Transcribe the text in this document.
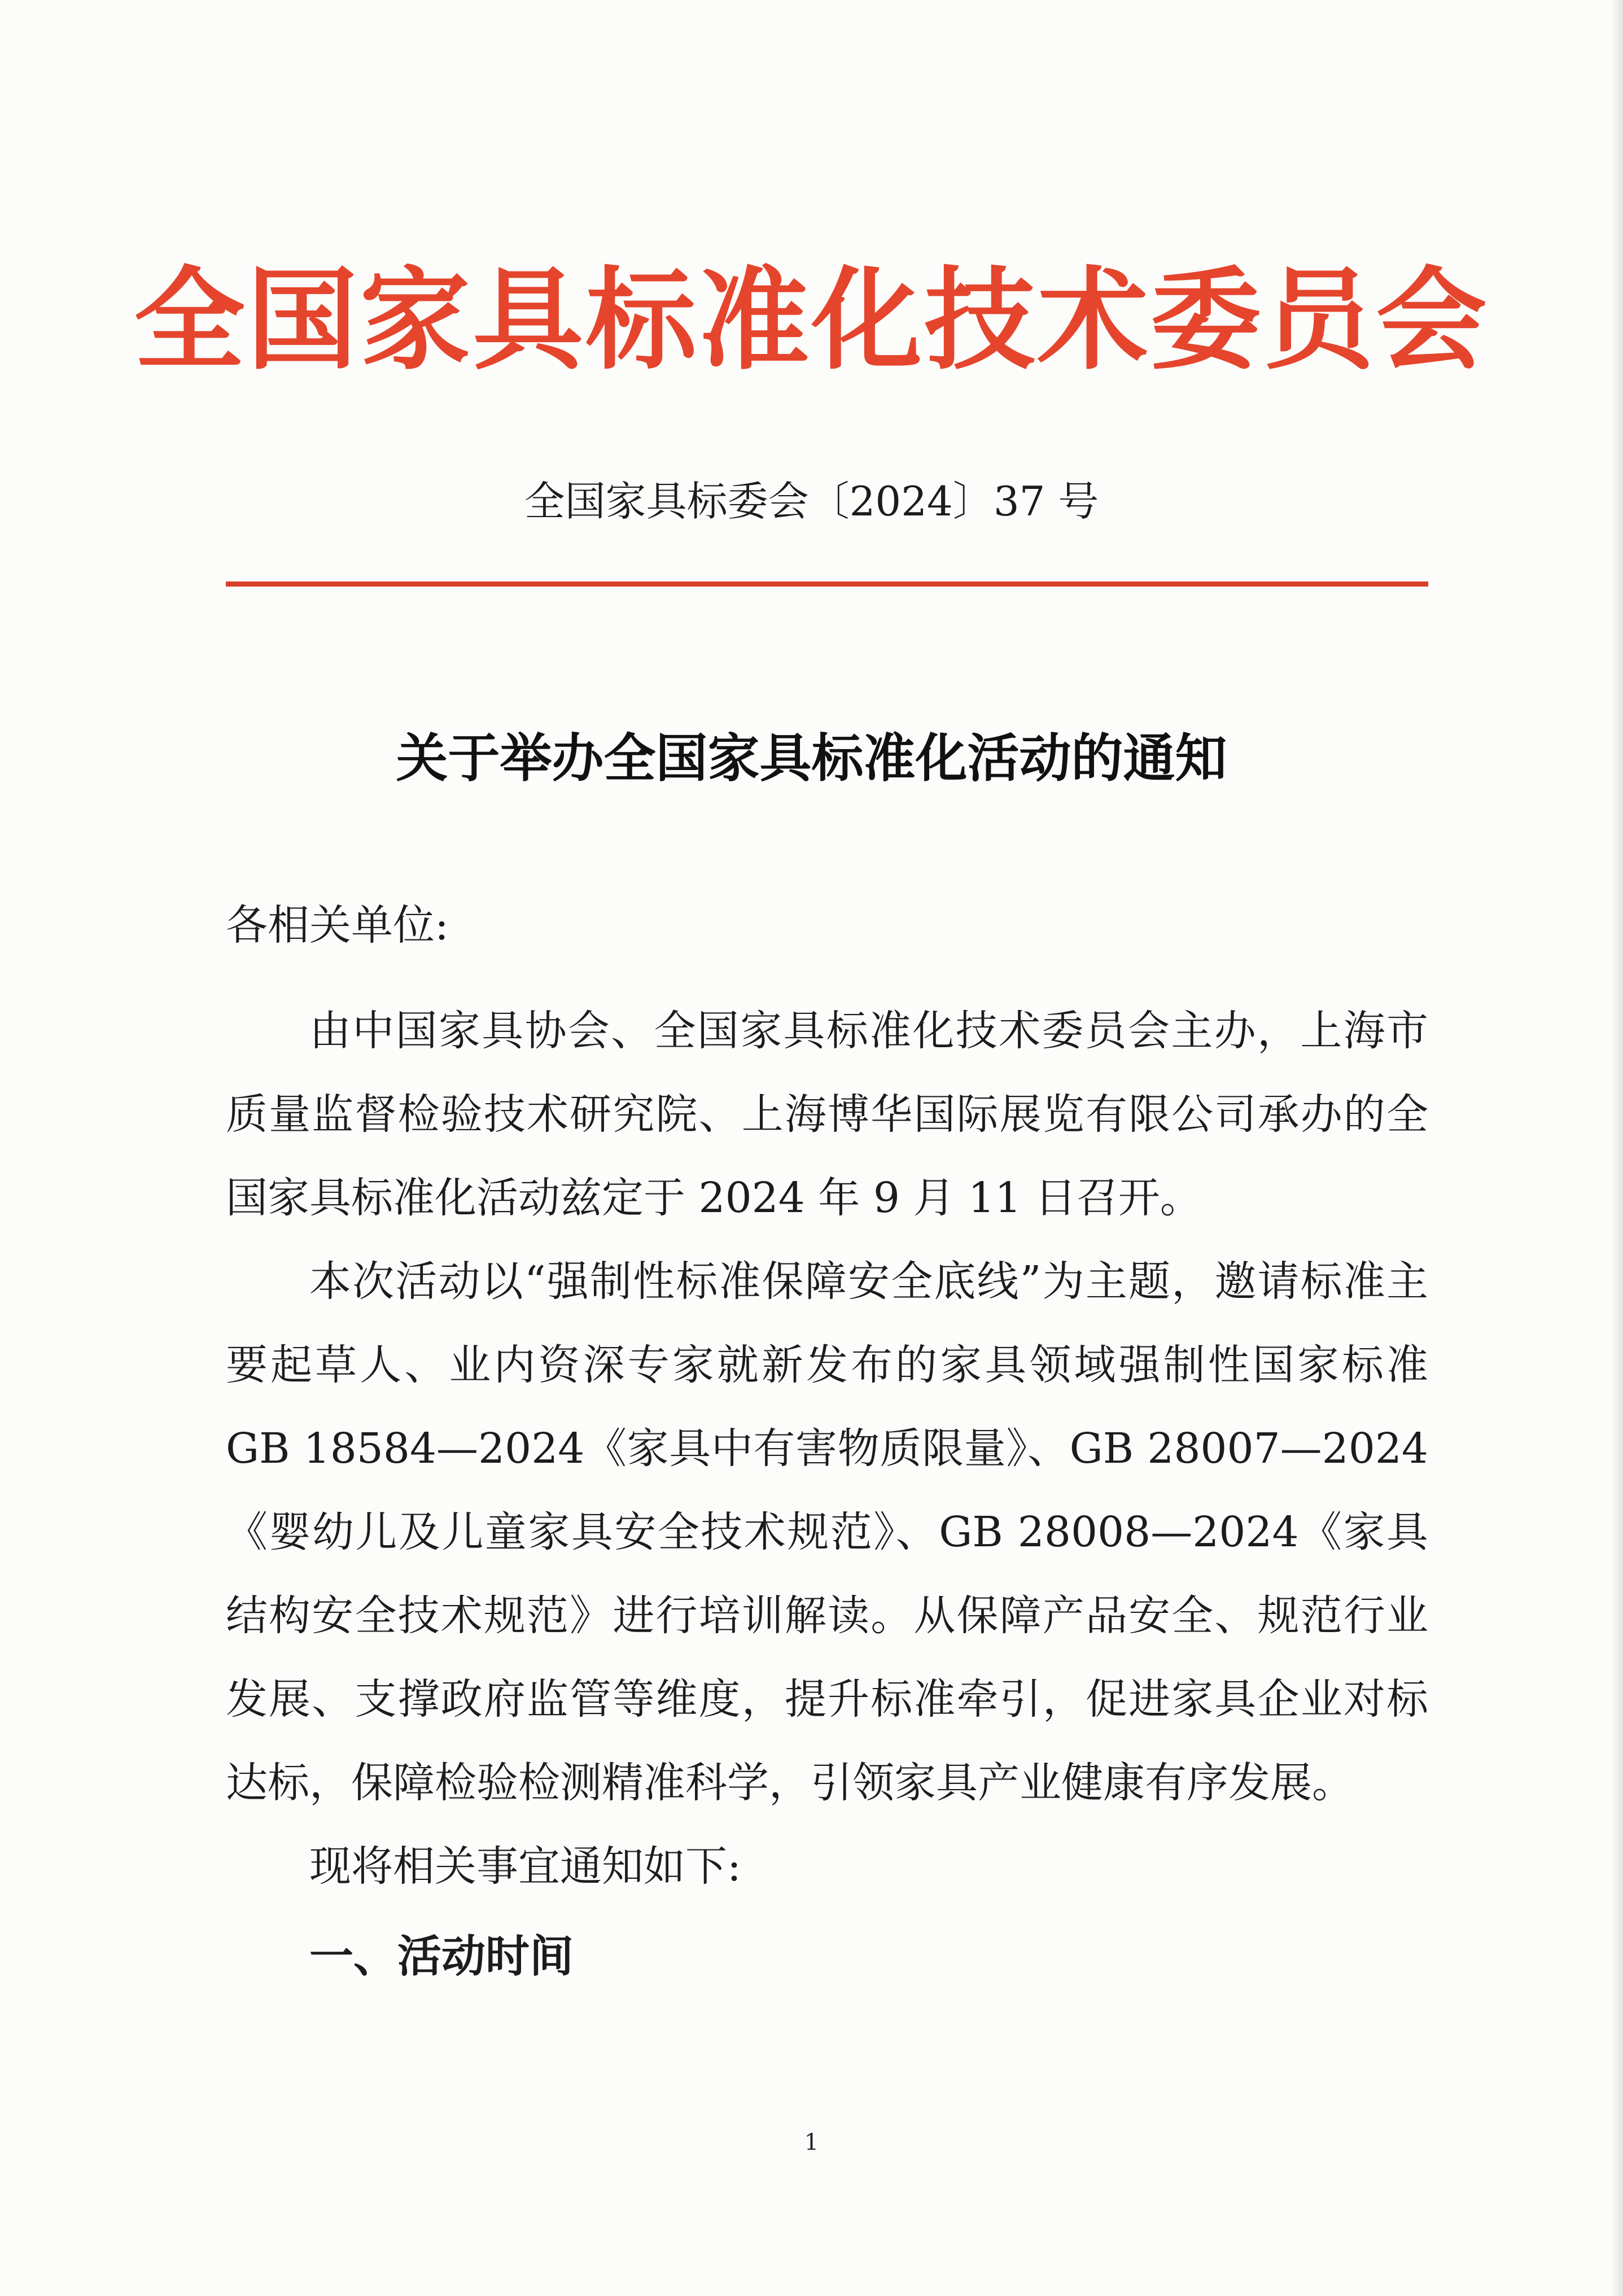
全国家具标准化技术委员会
全国家具标委会〔2024〕37 号
关于举办全国家具标准化活动的通知
各相关单位:

由中国家具协会、全国家具标准化技术委员会主办，上海市质量监督检验技术研究院、上海博华国际展览有限公司承办的全国家具标准化活动兹定于 2024 年 9 月 11 日召开。

本次活动以“强制性标准保障安全底线”为主题，邀请标准主要起草人、业内资深专家就新发布的家具领域强制性国家标准 GB 18584—2024《家具中有害物质限量》、GB 28007—2024《婴幼儿及儿童家具安全技术规范》、GB 28008—2024《家具结构安全技术规范》进行培训解读。从保障产品安全、规范行业发展、支撑政府监管等维度，提升标准牵引，促进家具企业对标达标，保障检验检测精准科学，引领家具产业健康有序发展。

现将相关事宜通知如下:

一、活动时间
1
